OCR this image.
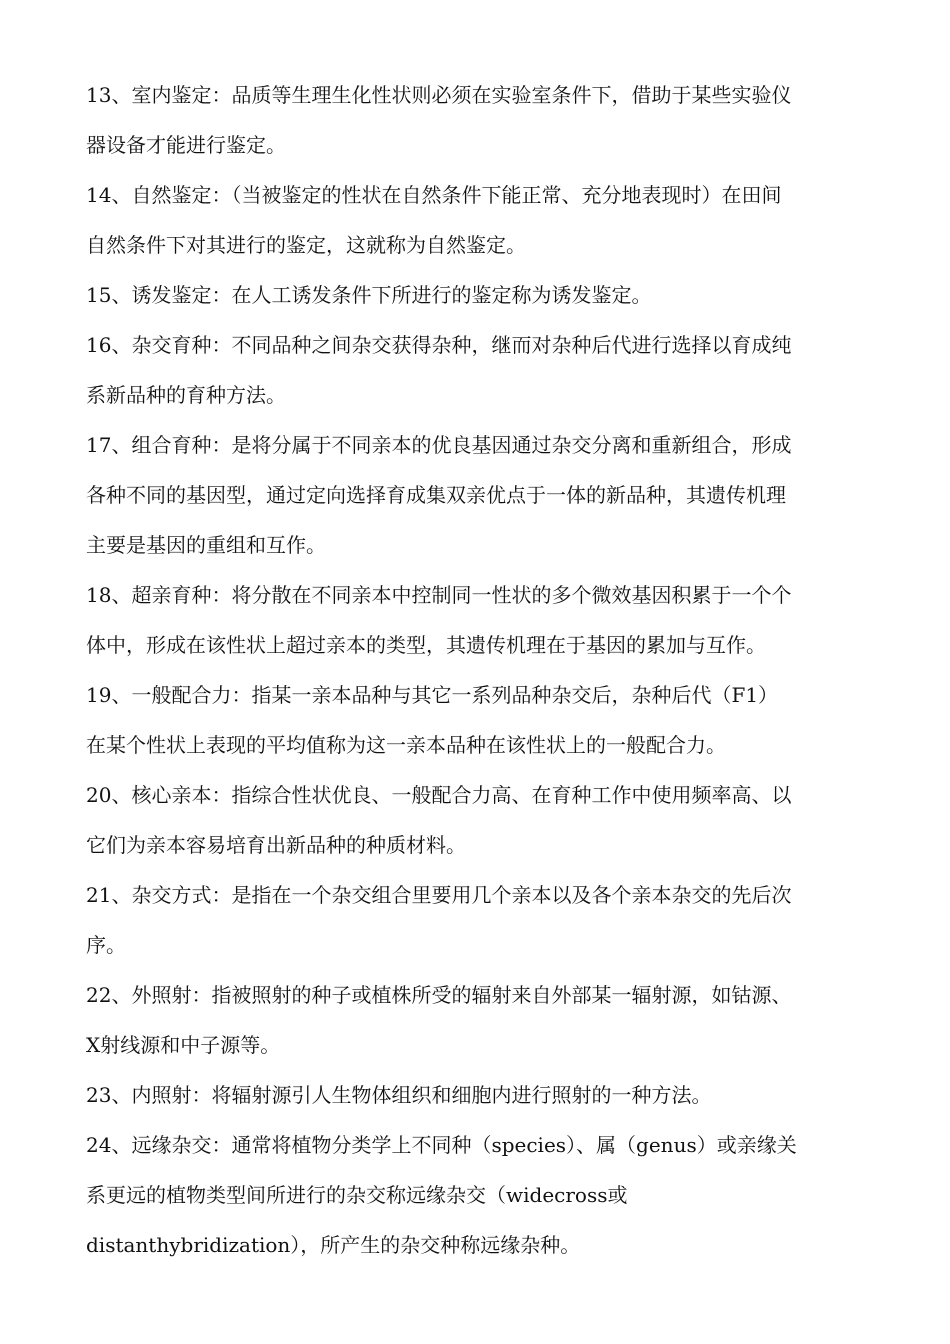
13、室内鉴定：品质等生理生化性状则必须在实验室条件下，借助于某些实验仪
器设备才能进行鉴定。
14、自然鉴定：（当被鉴定的性状在自然条件下能正常、充分地表现时）在田间
自然条件下对其进行的鉴定，这就称为自然鉴定。
15、诱发鉴定：在人工诱发条件下所进行的鉴定称为诱发鉴定。
16、杂交育种：不同品种之间杂交获得杂种，继而对杂种后代进行选择以育成纯
系新品种的育种方法。
17、组合育种：是将分属于不同亲本的优良基因通过杂交分离和重新组合，形成
各种不同的基因型，通过定向选择育成集双亲优点于一体的新品种，其遗传机理
主要是基因的重组和互作。
18、超亲育种：将分散在不同亲本中控制同一性状的多个微效基因积累于一个个
体中，形成在该性状上超过亲本的类型，其遗传机理在于基因的累加与互作。
19、一般配合力：指某一亲本品种与其它一系列品种杂交后，杂种后代（F1）
在某个性状上表现的平均值称为这一亲本品种在该性状上的一般配合力。
20、核心亲本：指综合性状优良、一般配合力高、在育种工作中使用频率高、以
它们为亲本容易培育出新品种的种质材料。
21、杂交方式：是指在一个杂交组合里要用几个亲本以及各个亲本杂交的先后次
序。
22、外照射：指被照射的种子或植株所受的辐射来自外部某一辐射源，如钴源、
X射线源和中子源等。
23、内照射：将辐射源引人生物体组织和细胞内进行照射的一种方法。
24、远缘杂交：通常将植物分类学上不同种（species）、属（genus）或亲缘关
系更远的植物类型间所进行的杂交称远缘杂交（widecross或
distanthybridization），所产生的杂交种称远缘杂种。
